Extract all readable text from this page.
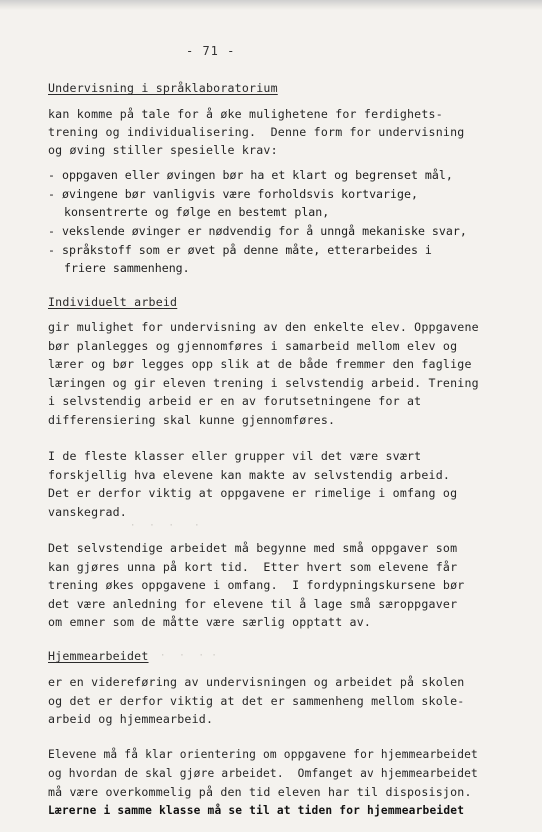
- 71 -
Undervisning i språklaboratorium
kan komme på tale for å øke mulighetene for ferdighets-
trening og individualisering.  Denne form for undervisning
og øving stiller spesielle krav:
- oppgaven eller øvingen bør ha et klart og begrenset mål,
- øvingene bør vanligvis være forholdsvis kortvarige,
konsentrerte og følge en bestemt plan,
- vekslende øvinger er nødvendig for å unngå mekaniske svar,
- språkstoff som er øvet på denne måte, etterarbeides i
friere sammenheng.
Individuelt arbeid
gir mulighet for undervisning av den enkelte elev. Oppgavene
bør planlegges og gjennomføres i samarbeid mellom elev og
lærer og bør legges opp slik at de både fremmer den faglige
læringen og gir eleven trening i selvstendig arbeid. Trening
i selvstendig arbeid er en av forutsetningene for at
differensiering skal kunne gjennomføres.
I de fleste klasser eller grupper vil det være svært
forskjellig hva elevene kan makte av selvstendig arbeid.
Det er derfor viktig at oppgavene er rimelige i omfang og
vanskegrad.
·  ·  ·   ·
Det selvstendige arbeidet må begynne med små oppgaver som
kan gjøres unna på kort tid.  Etter hvert som elevene får
trening økes oppgavene i omfang.  I fordypningskursene bør
det være anledning for elevene til å lage små særoppgaver
om emner som de måtte være særlig opptatt av.
Hjemmearbeidet ·  ·  · ·
er en videreføring av undervisningen og arbeidet på skolen
og det er derfor viktig at det er sammenheng mellom skole-
arbeid og hjemmearbeid.
Elevene må få klar orientering om oppgavene for hjemmearbeidet
og hvordan de skal gjøre arbeidet.  Omfanget av hjemmearbeidet
må være overkommelig på den tid eleven har til disposisjon.
Lærerne i samme klasse må se til at tiden for hjemmearbeidet
